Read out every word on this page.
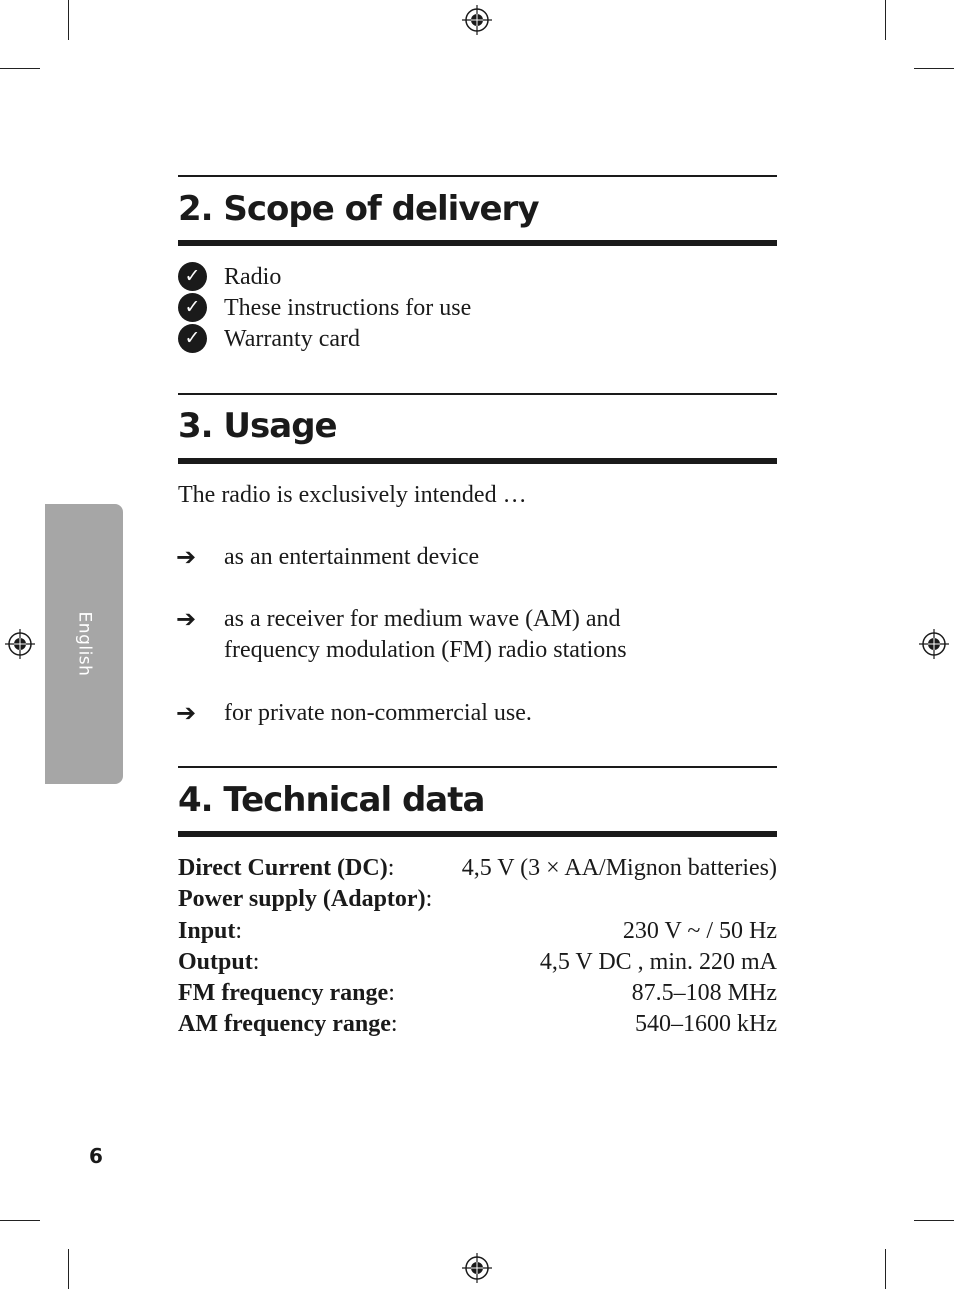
English
2. Scope of delivery
✓ Radio
✓ These instructions for use
✓ Warranty card
3. Usage
The radio is exclusively intended …
➔ as an entertainment device
➔ as a receiver for medium wave (AM) and
frequency modulation (FM) radio stations
➔ for private non-commercial use.
4. Technical data
Direct Current (DC):	4,5 V (3 × AA/Mignon batteries)
Power supply (Adaptor):
Input:	230 V ~ / 50 Hz
Output:	4,5 V DC , min. 220 mA
FM frequency range:	87.5–108 MHz
AM frequency range:	540–1600 kHz
6
